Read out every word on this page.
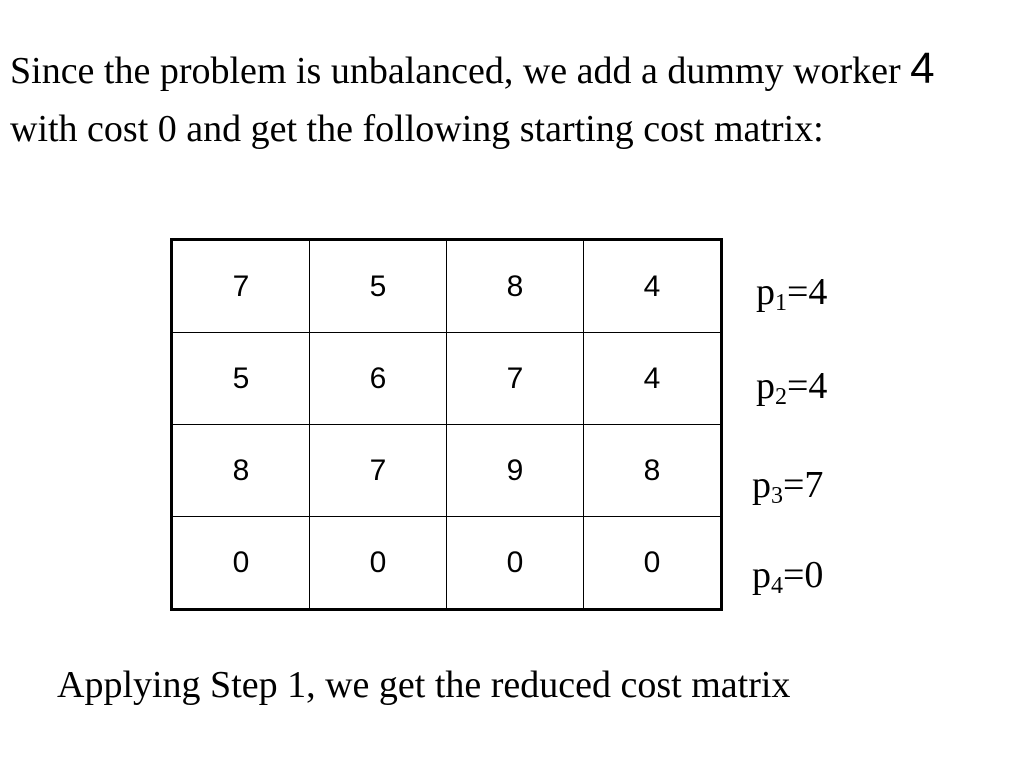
Since the problem is unbalanced, we add a dummy worker 4 with cost 0 and get the following starting cost matrix:

7	5	8	4
5	6	7	4
8	7	9	8
0	0	0	0
$p_1=4$
$p_2=4$
$p_3=7$
$p_4=0$

Applying Step 1, we get the reduced cost matrix
